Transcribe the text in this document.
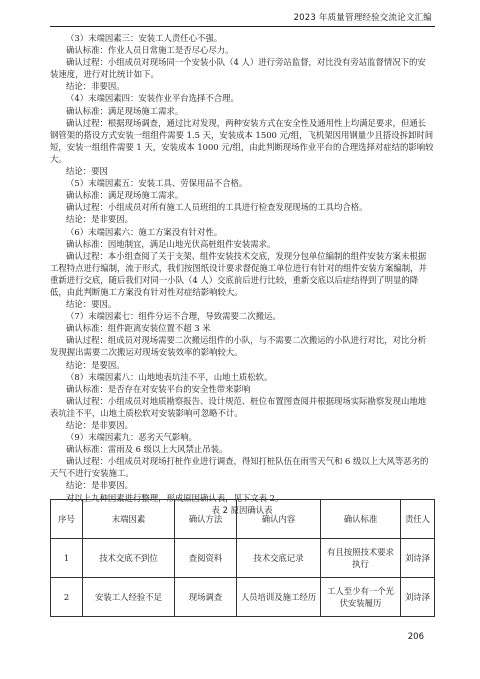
2023 年质量管理经验交流论文汇编

（3）末端因素三：安装工人责任心不强。

确认标准：作业人员日常施工是否尽心尽力。

确认过程：小组成员对现场同一个安装小队（4 人）进行旁站监督，对比没有旁站监督情况下的安装速度，进行对比统计如下。

结论：非要因。

（4）末端因素四：安装作业平台选择不合理。

确认标准：满足现场施工需求。

确认过程：根据现场调查，通过比对发现，两种安装方式在安全性及通用性上均满足要求，但通长钢管架的搭设方式安装一组组件需要 1.5 天，安装成本 1500 元/组，飞机架因用钢量少且搭设拆卸时间短，安装一组组件需要 1 天，安装成本 1000 元/组，由此判断现场作业平台的合理选择对症结的影响较大。

结论：要因

（5）末端因素五：安装工具、劳保用品不合格。

确认标准：满足现场施工需求。

确认过程：小组成员对所有施工人员班组的工具进行检查发现现场的工具均合格。

结论：是非要因。

（6）末端因素六：施工方案没有针对性。

确认标准：因地制宜，满足山地光伏高桩组件安装需求。

确认过程：本小组查阅了关于支架、组件安装技术交底，发现分包单位编制的组件安装方案未根据工程特点进行编制，流于形式，我们按图纸设计要求督促施工单位进行有针对的组件安装方案编制，并重新进行交底，随后我们对同一小队（4 人）交底前后进行比较，重新交底以后症结得到了明显的降低，由此判断施工方案没有针对性对症结影响较大。

结论：要因。

（7）末端因素七：组件分运不合理，导致需要二次搬运。

确认标准：组件距离安装位置不超 3 米

确认过程：组成员对现场需要二次搬运组件的小队，与不需要二次搬运的小队进行对比，对比分析发现握出需要二次搬运对现场安装效率的影响较大。

结论：是要因。

（8）末端因素八：山地地表坑洼不平，山地土质松软。

确认标准：是否存在对安装平台的安全性带来影响

确认过程：小组成员对地质勘察报告、设计规范、桩位布置图查阅并根据现场实际勘察发现山地地表坑洼不平，山地土质松软对安装影响可忽略不计。

结论：是非要因。

（9）末端因素九：恶劣天气影响。

确认标准：雷雨及 6 级以上大风禁止吊装。

确认过程：小组成员对现场打桩作业进行调查，得知打桩队伍在雨雪天气和 6 级以上大风等恶劣的天气不进行安装施工。

结论：是非要因。

对以上九种因素进行整理，形成原因确认表，见下文表 2。

表 2 原因确认表

序号	末端因素	确认方法	确认内容	确认标准	责任人
1	技术交底不到位	查阅资料	技术交底记录	有且按照技术要求执行	刘诗泽
2	安装工人经验不足	现场调查	人员培训及施工经历	工人至少有一个光伏安装履历	刘诗泽
206
